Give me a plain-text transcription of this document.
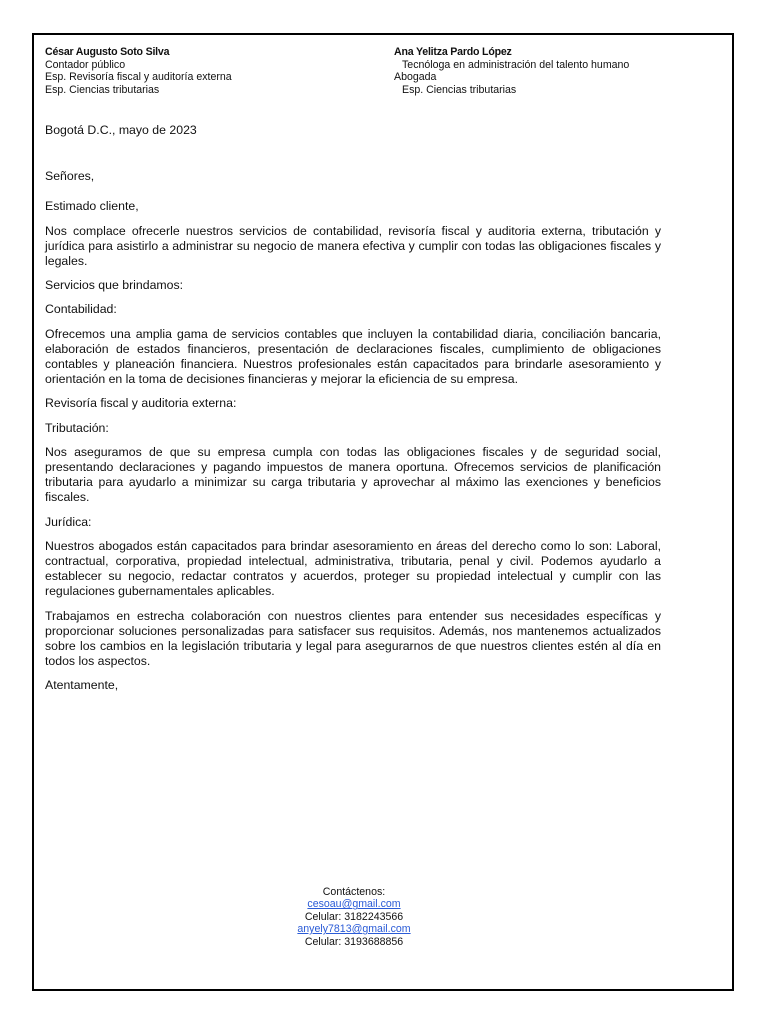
César Augusto Soto Silva
Contador público
Esp. Revisoría fiscal y auditoría externa
Esp. Ciencias tributarias
Ana Yelitza Pardo López
Tecnóloga en administración del talento humano
Abogada
Esp. Ciencias tributarias

Bogotá D.C., mayo de 2023

Señores,

Estimado cliente,

Nos complace ofrecerle nuestros servicios de contabilidad, revisoría fiscal y auditoria externa, tributación y jurídica para asistirlo a administrar su negocio de manera efectiva y cumplir con todas las obligaciones fiscales y legales.

Servicios que brindamos:

Contabilidad:

Ofrecemos una amplia gama de servicios contables que incluyen la contabilidad diaria, conciliación bancaria, elaboración de estados financieros, presentación de declaraciones fiscales, cumplimiento de obligaciones contables y planeación financiera. Nuestros profesionales están capacitados para brindarle asesoramiento y orientación en la toma de decisiones financieras y mejorar la eficiencia de su empresa.

Revisoría fiscal y auditoria externa:

Tributación:

Nos aseguramos de que su empresa cumpla con todas las obligaciones fiscales y de seguridad social, presentando declaraciones y pagando impuestos de manera oportuna. Ofrecemos servicios de planificación tributaria para ayudarlo a minimizar su carga tributaria y aprovechar al máximo las exenciones y beneficios fiscales.

Jurídica:

Nuestros abogados están capacitados para brindar asesoramiento en áreas del derecho como lo son: Laboral, contractual, corporativa, propiedad intelectual, administrativa, tributaria, penal y civil. Podemos ayudarlo a establecer su negocio, redactar contratos y acuerdos, proteger su propiedad intelectual y cumplir con las regulaciones gubernamentales aplicables.

Trabajamos en estrecha colaboración con nuestros clientes para entender sus necesidades específicas y proporcionar soluciones personalizadas para satisfacer sus requisitos. Además, nos mantenemos actualizados sobre los cambios en la legislación tributaria y legal para asegurarnos de que nuestros clientes estén al día en todos los aspectos.

Atentamente,

Contáctenos:
cesoau@gmail.com
Celular: 3182243566
anyely7813@gmail.com
Celular: 3193688856
